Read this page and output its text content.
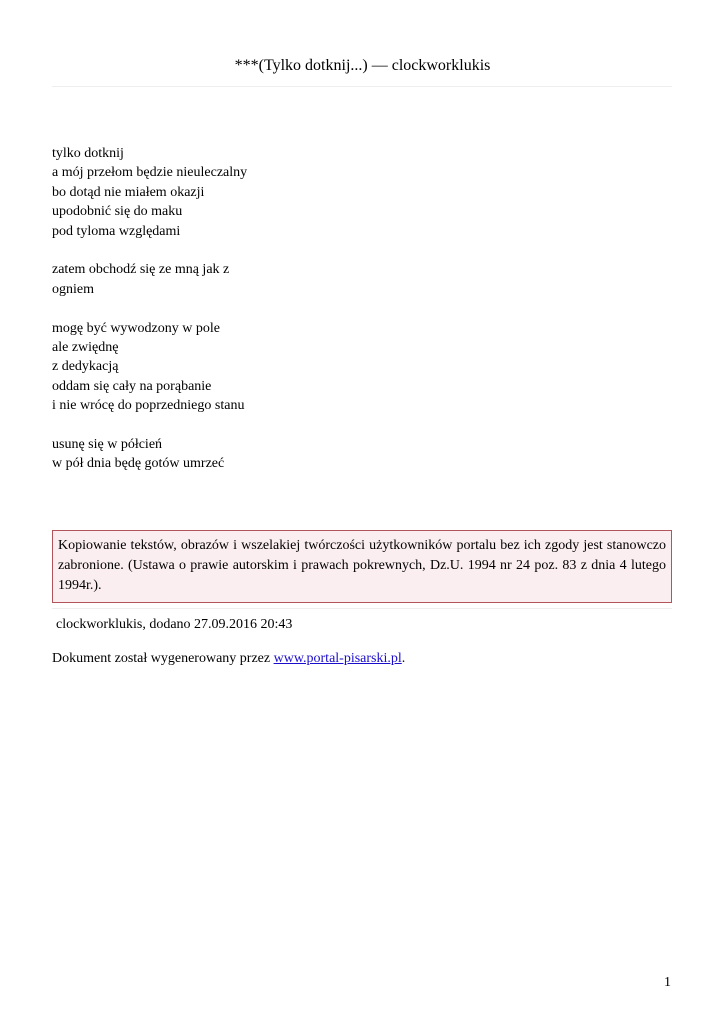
***(Tylko dotknij...) — clockworklukis
tylko dotknij
a mój przełom będzie nieuleczalny
bo dotąd nie miałem okazji
upodobnić się do maku
pod tyloma względami
zatem obchodź się ze mną jak z
ogniem
mogę być wywodzony w pole
ale zwiędnę
z dedykacją
oddam się cały na porąbanie
i nie wrócę do poprzedniego stanu
usunę się w półcień
w pół dnia będę gotów umrzeć
Kopiowanie tekstów, obrazów i wszelakiej twórczości użytkowników portalu bez ich zgody jest stanowczo zabronione. (Ustawa o prawie autorskim i prawach pokrewnych, Dz.U. 1994 nr 24 poz. 83 z dnia 4 lutego 1994r.).
clockworklukis, dodano 27.09.2016 20:43
Dokument został wygenerowany przez www.portal-pisarski.pl.
1
